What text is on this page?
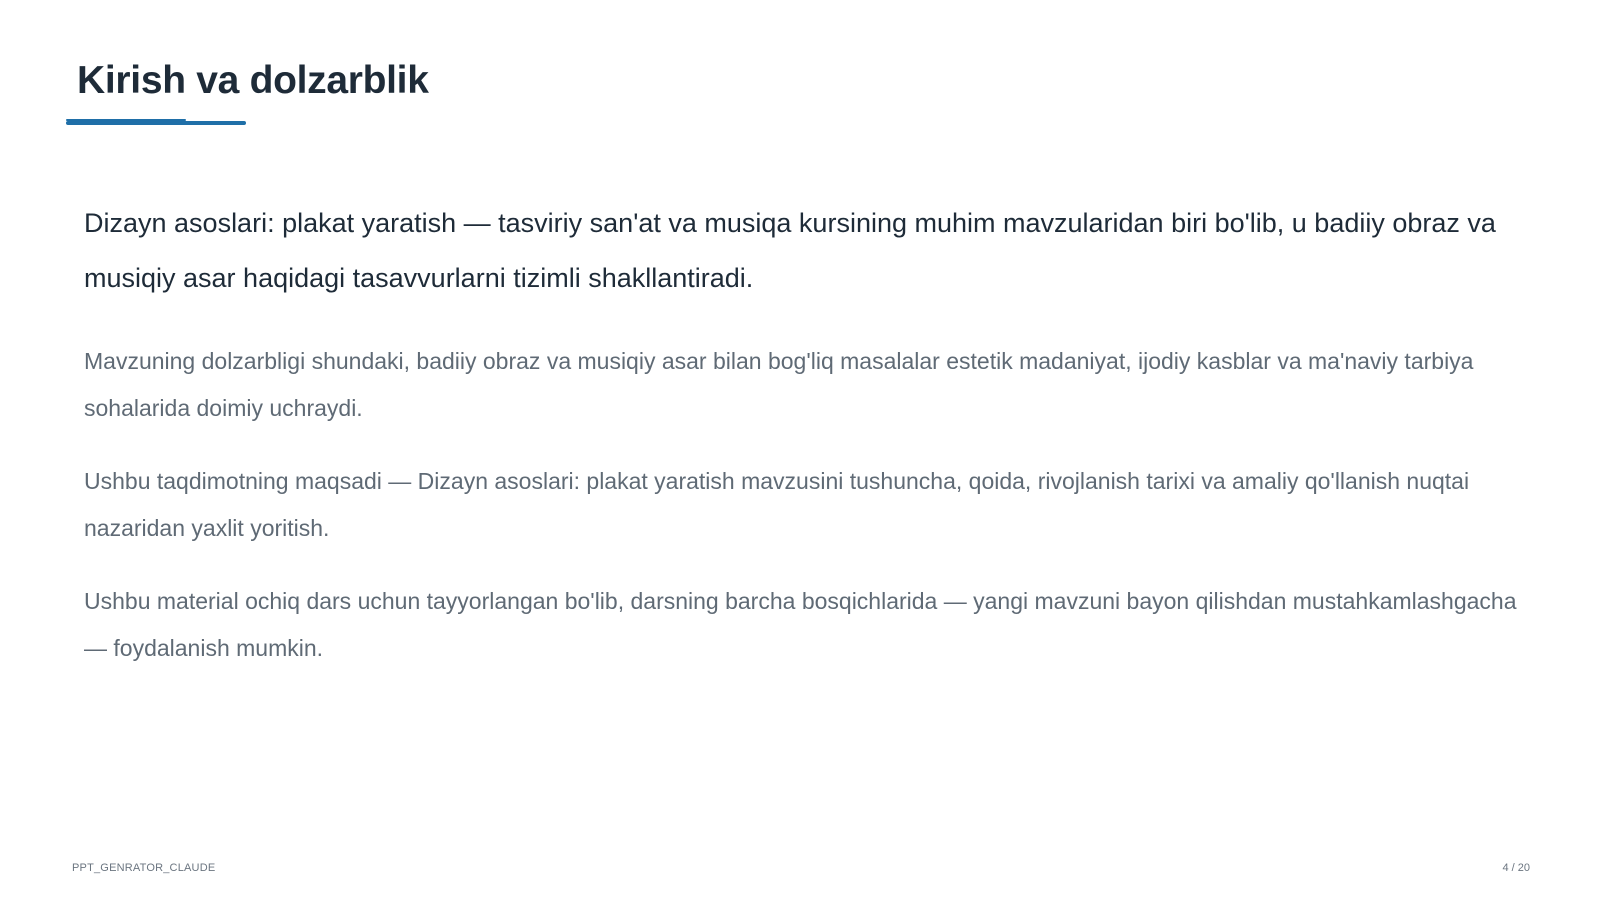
Kirish va dolzarblik

Dizayn asoslari: plakat yaratish — tasviriy san'at va musiqa kursining muhim mavzularidan biri bo'lib, u badiiy obraz va musiqiy asar haqidagi tasavvurlarni tizimli shakllantiradi.

Mavzuning dolzarbligi shundaki, badiiy obraz va musiqiy asar bilan bog'liq masalalar estetik madaniyat, ijodiy kasblar va ma'naviy tarbiya sohalarida doimiy uchraydi.

Ushbu taqdimotning maqsadi — Dizayn asoslari: plakat yaratish mavzusini tushuncha, qoida, rivojlanish tarixi va amaliy qo'llanish nuqtai nazaridan yaxlit yoritish.

Ushbu material ochiq dars uchun tayyorlangan bo'lib, darsning barcha bosqichlarida — yangi mavzuni bayon qilishdan mustahkamlashgacha — foydalanish mumkin.

PPT_GENRATOR_CLAUDE	4 / 20
